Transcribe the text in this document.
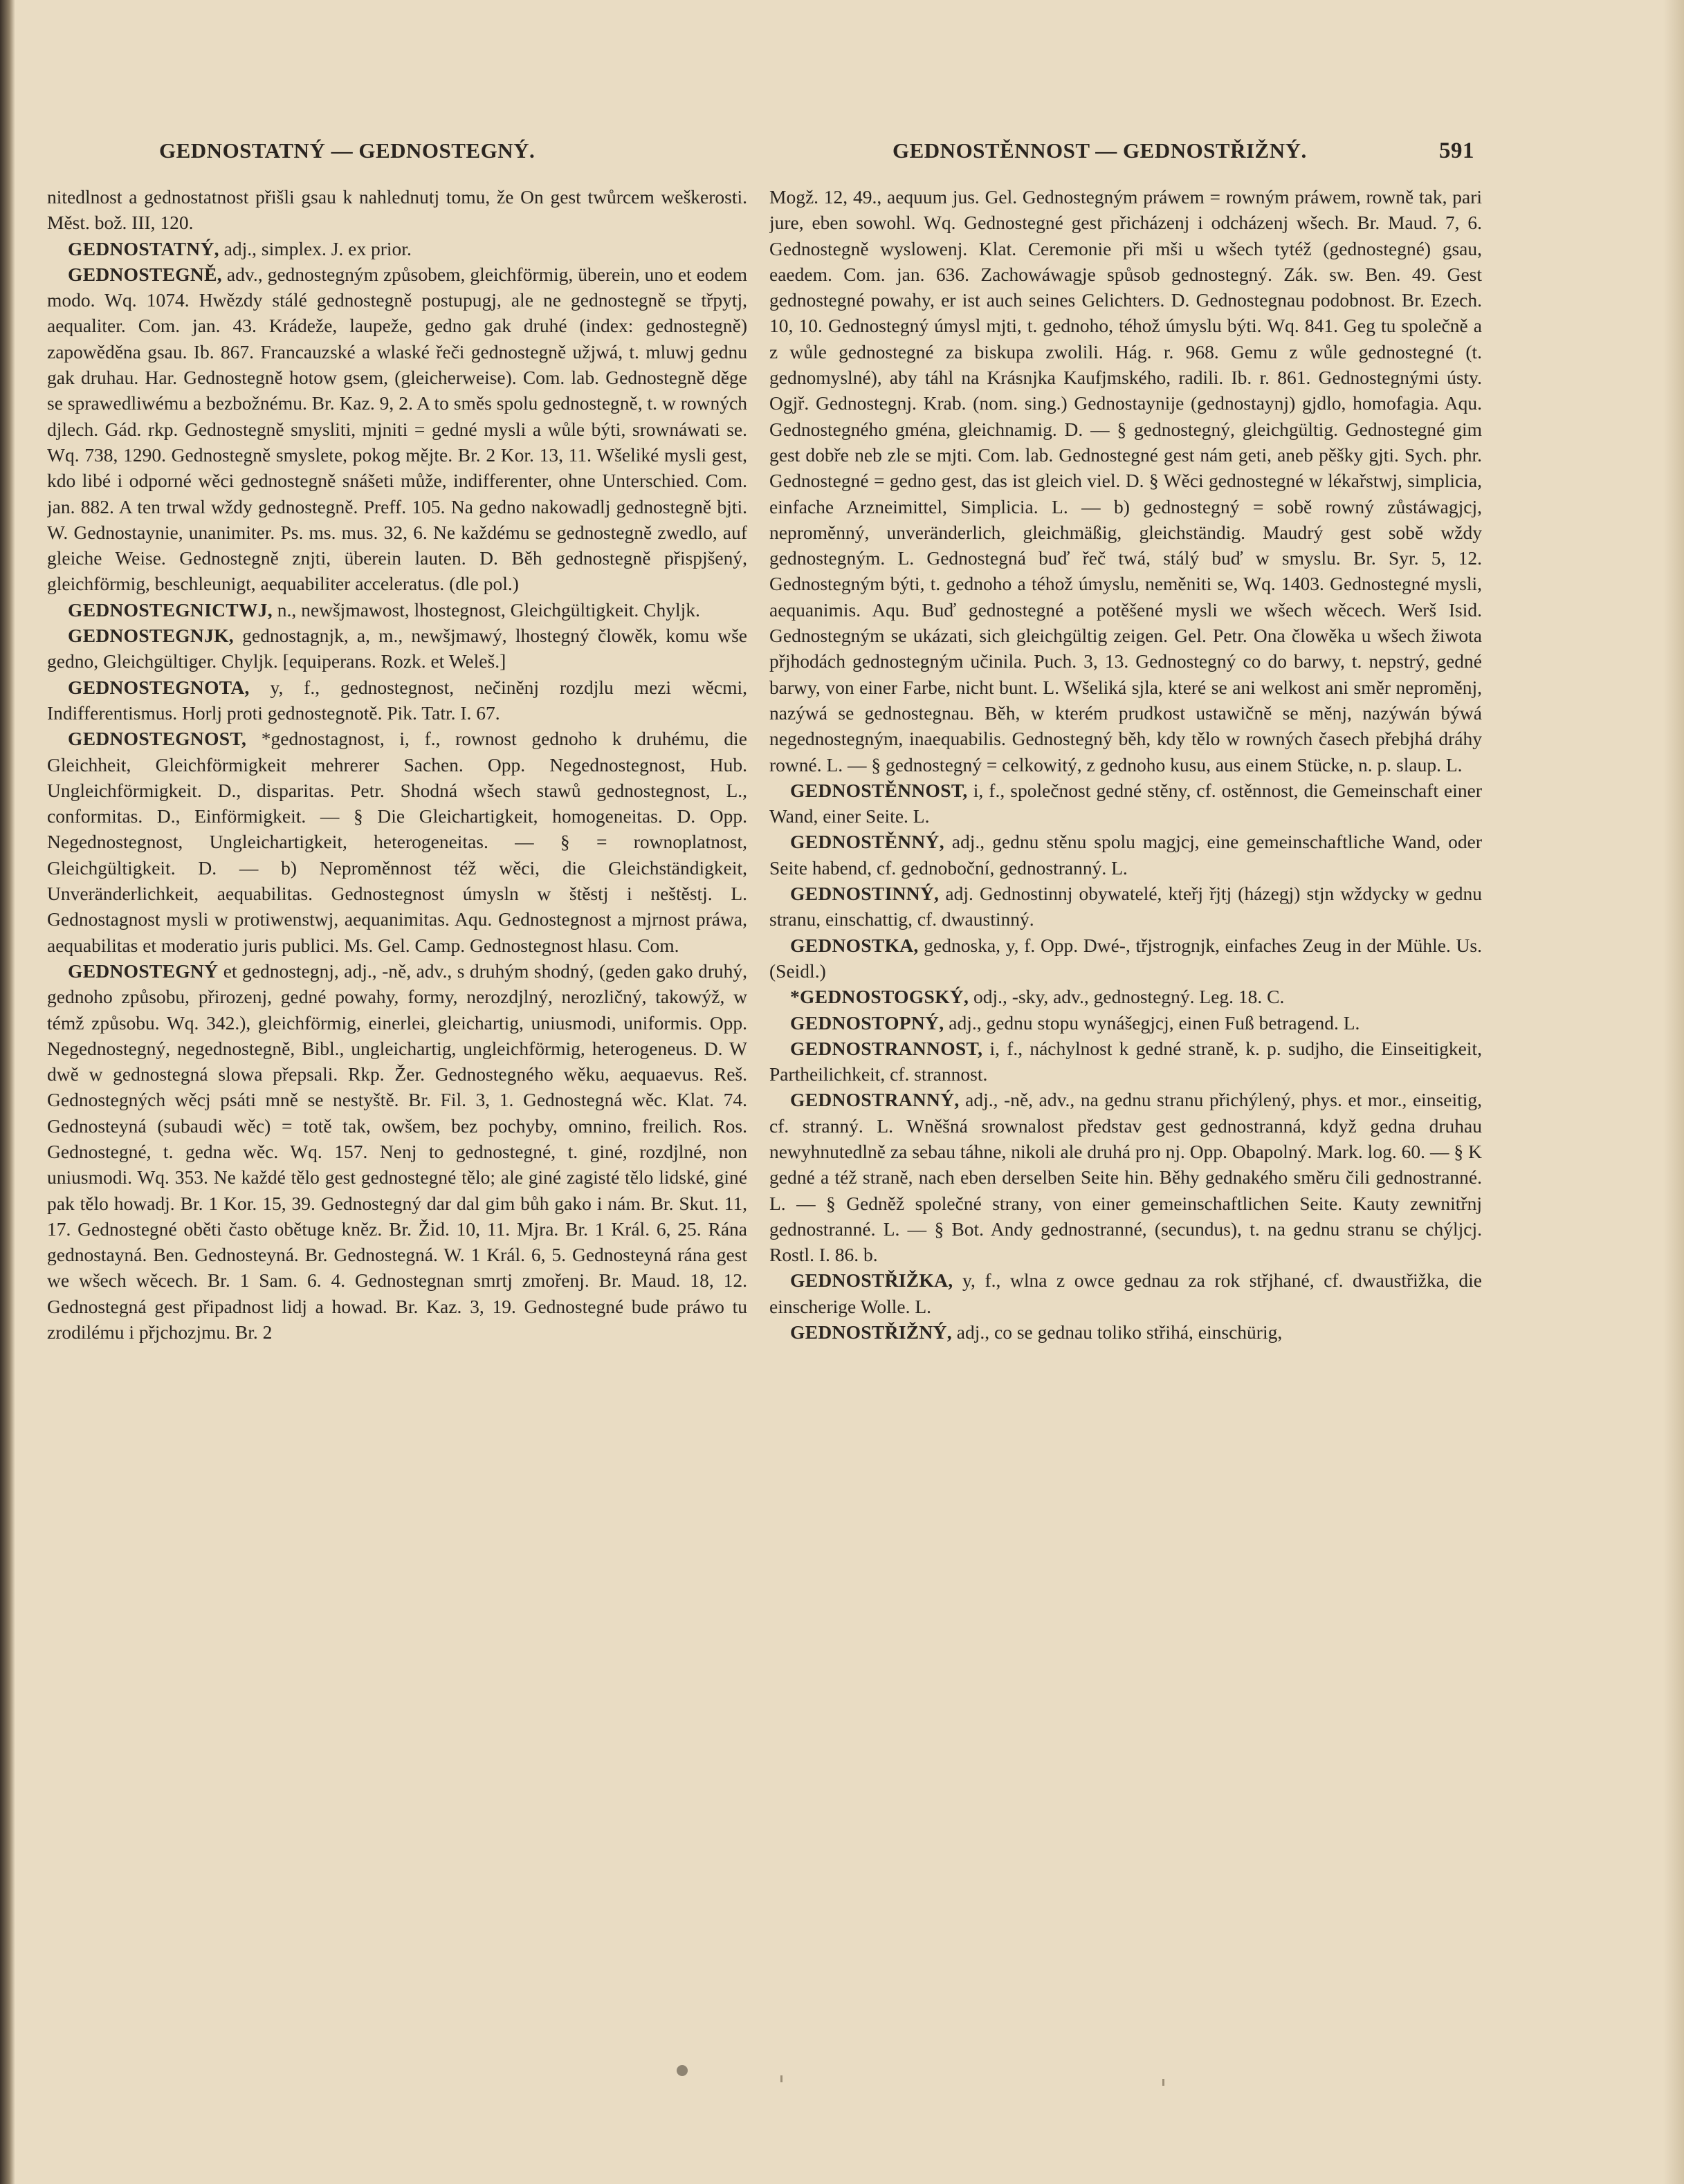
GEDNOSTATNÝ — GEDNOSTEGNÝ.	GEDNOSTĚNNOST — GEDNOSTŘIŽNÝ.	591

nitedlnost a gednostatnost přišli gsau k nahlednutj tomu, že On gest twůrcem weškerosti. Měst. bož. III, 120.

GEDNOSTATNÝ, adj., simplex. J. ex prior.

GEDNOSTEGNĚ, adv., gednostegným způsobem, gleichförmig, überein, uno et eodem modo. Wq. 1074. Hwězdy stálé gednostegně postupugj, ale ne gednostegně se třpytj, aequaliter. Com. jan. 43. Krádeže, laupeže, gedno gak druhé (index: gednostegně) zapowěděna gsau. Ib. 867. Francauzské a wlaské řeči gednostegně užjwá, t. mluwj gednu gak druhau. Har. Gednostegně hotow gsem, (gleicherweise). Com. lab. Gednostegně děge se sprawedliwému a bezbožnému. Br. Kaz. 9, 2. A to směs spolu gednostegně, t. w rowných djlech. Gád. rkp. Gednostegně smysliti, mjniti = gedné mysli a wůle býti, srownáwati se. Wq. 738, 1290. Gednostegně smyslete, pokog mějte. Br. 2 Kor. 13, 11. Wšeliké mysli gest, kdo libé i odporné wěci gednostegně snášeti může, indifferenter, ohne Unterschied. Com. jan. 882. A ten trwal wždy gednostegně. Preff. 105. Na gedno nakowadlj gednostegně bjti. W. Gednostaynie, unanimiter. Ps. ms. mus. 32, 6. Ne každému se gednostegně zwedlo, auf gleiche Weise. Gednostegně znjti, überein lauten. D. Běh gednostegně přispjšený, gleichförmig, beschleunigt, aequabiliter acceleratus. (dle pol.)

GEDNOSTEGNICTWJ, n., newšjmawost, lhostegnost, Gleichgültigkeit. Chyljk.

GEDNOSTEGNJK, gednostagnjk, a, m., newšjmawý, lhostegný člowěk, komu wše gedno, Gleichgültiger. Chyljk. [equiperans. Rozk. et Weleš.]

GEDNOSTEGNOTA, y, f., gednostegnost, nečiněnj rozdjlu mezi wěcmi, Indifferentismus. Horlj proti gednostegnotě. Pik. Tatr. I. 67.

GEDNOSTEGNOST, *gednostagnost, i, f., rownost gednoho k druhému, die Gleichheit, Gleichförmigkeit mehrerer Sachen. Opp. Negednostegnost, Hub. Ungleichförmigkeit. D., disparitas. Petr. Shodná wšech stawů gednostegnost, L., conformitas. D., Einförmigkeit. — § Die Gleichartigkeit, homogeneitas. D. Opp. Negednostegnost, Ungleichartigkeit, heterogeneitas. — § = rownoplatnost, Gleichgültigkeit. D. — b) Neproměnnost též wěci, die Gleichständigkeit, Unveränderlichkeit, aequabilitas. Gednostegnost úmysln w štěstj i neštěstj. L. Gednostagnost mysli w protiwenstwj, aequanimitas. Aqu. Gednostegnost a mjrnost práwa, aequabilitas et moderatio juris publici. Ms. Gel. Camp. Gednostegnost hlasu. Com.

GEDNOSTEGNÝ et gednostegnj, adj., -ně, adv., s druhým shodný, (geden gako druhý, gednoho způsobu, přirozenj, gedné powahy, formy, nerozdjlný, nerozličný, takowýž, w témž způsobu. Wq. 342.), gleichförmig, einerlei, gleichartig, uniusmodi, uniformis. Opp. Negednostegný, negednostegně, Bibl., ungleichartig, ungleichförmig, heterogeneus. D. W dwě w gednostegná slowa přepsali. Rkp. Žer. Gednostegného wěku, aequaevus. Reš. Gednostegných wěcj psáti mně se nestyště. Br. Fil. 3, 1. Gednostegná wěc. Klat. 74. Gednosteyná (subaudi wěc) = totě tak, owšem, bez pochyby, omnino, freilich. Ros. Gednostegné, t. gedna wěc. Wq. 157. Nenj to gednostegné, t. giné, rozdjlné, non uniusmodi. Wq. 353. Ne každé tělo gest gednostegné tělo; ale giné zagisté tělo lidské, giné pak tělo howadj. Br. 1 Kor. 15, 39. Gednostegný dar dal gim bůh gako i nám. Br. Skut. 11, 17. Gednostegné oběti často obětuge kněz. Br. Žid. 10, 11. Mjra. Br. 1 Král. 6, 25. Rána gednostayná. Ben. Gednosteyná. Br. Gednostegná. W. 1 Král. 6, 5. Gednosteyná rána gest we wšech wěcech. Br. 1 Sam. 6. 4. Gednostegnan smrtj zmořenj. Br. Maud. 18, 12. Gednostegná gest připadnost lidj a howad. Br. Kaz. 3, 19. Gednostegné bude práwo tu zrodilému i přjchozjmu. Br. 2

Mogž. 12, 49., aequum jus. Gel. Gednostegným práwem = rowným práwem, rowně tak, pari jure, eben sowohl. Wq. Gednostegné gest přicházenj i odcházenj wšech. Br. Maud. 7, 6. Gednostegně wyslowenj. Klat. Ceremonie při mši u wšech tytéž (gednostegné) gsau, eaedem. Com. jan. 636. Zachowáwagje spůsob gednostegný. Zák. sw. Ben. 49. Gest gednostegné powahy, er ist auch seines Gelichters. D. Gednostegnau podobnost. Br. Ezech. 10, 10. Gednostegný úmysl mjti, t. gednoho, téhož úmyslu býti. Wq. 841. Geg tu společně a z wůle gednostegné za biskupa zwolili. Hág. r. 968. Gemu z wůle gednostegné (t. gednomyslné), aby táhl na Krásnjka Kaufjmského, radili. Ib. r. 861. Gednostegnými ústy. Ogjř. Gednostegnj. Krab. (nom. sing.) Gednostaynije (gednostaynj) gjdlo, homofagia. Aqu. Gednostegného gména, gleichnamig. D. — § gednostegný, gleichgültig. Gednostegné gim gest dobře neb zle se mjti. Com. lab. Gednostegné gest nám geti, aneb pěšky gjti. Sych. phr. Gednostegné = gedno gest, das ist gleich viel. D. § Wěci gednostegné w lékařstwj, simplicia, einfache Arzneimittel, Simplicia. L. — b) gednostegný = sobě rowný zůstáwagjcj, neproměnný, unveränderlich, gleichmäßig, gleichständig. Maudrý gest sobě wždy gednostegným. L. Gednostegná buď řeč twá, stálý buď w smyslu. Br. Syr. 5, 12. Gednostegným býti, t. gednoho a téhož úmyslu, neměniti se, Wq. 1403. Gednostegné mysli, aequanimis. Aqu. Buď gednostegné a potěšené mysli we wšech wěcech. Werš Isid. Gednostegným se ukázati, sich gleichgültig zeigen. Gel. Petr. Ona člowěka u wšech žiwota přjhodách gednostegným učinila. Puch. 3, 13. Gednostegný co do barwy, t. nepstrý, gedné barwy, von einer Farbe, nicht bunt. L. Wšeliká sjla, které se ani welkost ani směr neproměnj, nazýwá se gednostegnau. Běh, w kterém prudkost ustawičně se měnj, nazýwán býwá negednostegným, inaequabilis. Gednostegný běh, kdy tělo w rowných časech přebjhá dráhy rowné. L. — § gednostegný = celkowitý, z gednoho kusu, aus einem Stücke, n. p. slaup. L.

GEDNOSTĚNNOST, i, f., společnost gedné stěny, cf. ostěnnost, die Gemeinschaft einer Wand, einer Seite. L.

GEDNOSTĚNNÝ, adj., gednu stěnu spolu magjcj, eine gemeinschaftliche Wand, oder Seite habend, cf. gednoboční, gednostranný. L.

GEDNOSTINNÝ, adj. Gednostinnj obywatelé, kteřj řjtj (házegj) stjn wždycky w gednu stranu, einschattig, cf. dwaustinný.

GEDNOSTKA, gednoska, y, f. Opp. Dwé-, třjstrognjk, einfaches Zeug in der Mühle. Us. (Seidl.)

*GEDNOSTOGSKÝ, odj., -sky, adv., gednostegný. Leg. 18. C.

GEDNOSTOPNÝ, adj., gednu stopu wynášegjcj, einen Fuß betragend. L.

GEDNOSTRANNOST, i, f., náchylnost k gedné straně, k. p. sudjho, die Einseitigkeit, Partheilichkeit, cf. strannost.

GEDNOSTRANNÝ, adj., -ně, adv., na gednu stranu přichýlený, phys. et mor., einseitig, cf. stranný. L. Wněšná srownalost představ gest gednostranná, když gedna druhau newyhnutedlně za sebau táhne, nikoli ale druhá pro nj. Opp. Obapolný. Mark. log. 60. — § K gedné a též straně, nach eben derselben Seite hin. Běhy gednakého směru čili gednostranné. L. — § Gedněž společné strany, von einer gemeinschaftlichen Seite. Kauty zewnitřnj gednostranné. L. — § Bot. Andy gednostranné, (secundus), t. na gednu stranu se chýljcj. Rostl. I. 86. b.

GEDNOSTŘIŽKA, y, f., wlna z owce gednau za rok střjhané, cf. dwaustřižka, die einscherige Wolle. L.

GEDNOSTŘIŽNÝ, adj., co se gednau toliko střihá, einschürig,
